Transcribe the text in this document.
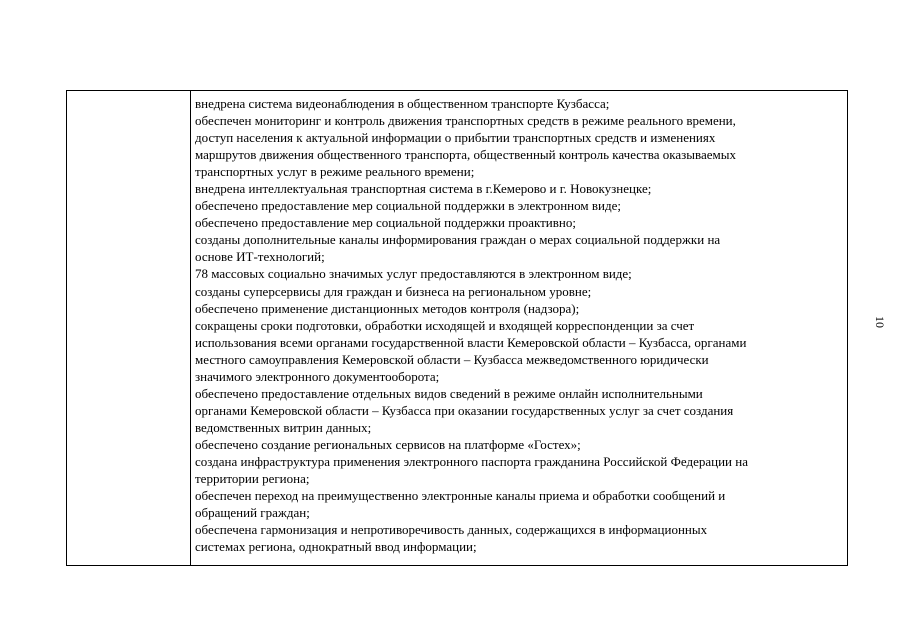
внедрена система видеонаблюдения в общественном транспорте Кузбасса;
обеспечен мониторинг и контроль движения транспортных средств в режиме реального времени,
доступ населения к актуальной информации о прибытии транспортных средств и изменениях
маршрутов движения общественного транспорта, общественный контроль качества оказываемых
транспортных услуг в режиме реального времени;
внедрена интеллектуальная транспортная система в г.Кемерово и г. Новокузнецке;
обеспечено предоставление мер социальной поддержки в электронном виде;
обеспечено предоставление мер социальной поддержки проактивно;
созданы дополнительные каналы информирования граждан о мерах социальной поддержки на
основе ИТ-технологий;
78 массовых социально значимых услуг предоставляются в электронном виде;
созданы суперсервисы для граждан и бизнеса на региональном уровне;
обеспечено применение дистанционных методов контроля (надзора);
сокращены сроки подготовки, обработки исходящей и входящей корреспонденции за счет
использования всеми органами государственной власти Кемеровской области – Кузбасса, органами
местного самоуправления Кемеровской области – Кузбасса межведомственного юридически
значимого электронного документооборота;
обеспечено предоставление отдельных видов сведений в режиме онлайн исполнительными
органами Кемеровской области – Кузбасса при оказании государственных услуг за счет создания
ведомственных витрин данных;
обеспечено создание региональных сервисов на платформе «Гостех»;
создана инфраструктура применения электронного паспорта гражданина Российской Федерации на
территории региона;
обеспечен переход на преимущественно электронные каналы приема и обработки сообщений и
обращений граждан;
обеспечена гармонизация и непротиворечивость данных, содержащихся в информационных
системах региона, однократный ввод информации;
10
